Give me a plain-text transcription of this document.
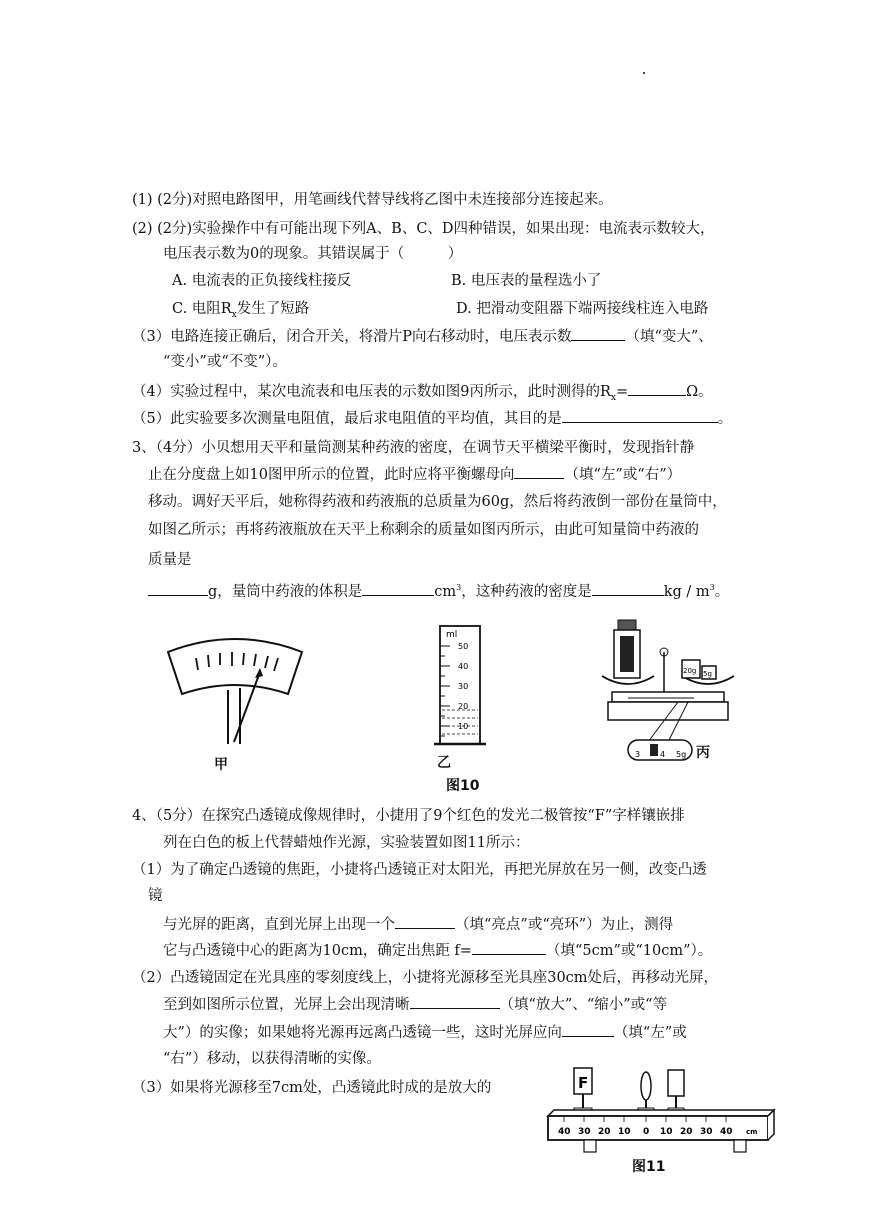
(1) (2分)对照电路图甲，用笔画线代替导线将乙图中未连接部分连接起来。
(2) (2分)实验操作中有可能出现下列A、B、C、D四种错误，如果出现：电流表示数较大，
电压表示数为0的现象。其错误属于（　　　）
A. 电流表的正负接线柱接反	B. 电压表的量程选小了
C. 电阻$R_x$发生了短路	D. 把滑动变阻器下端两接线柱连入电路
（3）电路连接正确后，闭合开关，将滑片P向右移动时，电压表示数	（填“变大”、
“变小”或“不变”）。
（4）实验过程中，某次电流表和电压表的示数如图9丙所示，此时测得的$R_x=$	Ω。
（5）此实验要多次测量电阻值，最后求电阻值的平均值，其目的是	。
3、（4分）小贝想用天平和量筒测某种药液的密度，在调节天平横梁平衡时，发现指针静
止在分度盘上如10图甲所示的位置，此时应将平衡螺母向	（填“左”或“右”）
移动。调好天平后，她称得药液和药液瓶的总质量为60g，然后将药液倒一部份在量筒中，
如图乙所示；再将药液瓶放在天平上称剩余的质量如图丙所示，由此可知量筒中药液的
质量是
g，量筒中药液的体积是	$cm^3$，这种药液的密度是	kg / $m^3$。
甲
ml
50
40
30
20
10
乙
20g 5g
3 4 5g 丙
图10
4、（5分）在探究凸透镜成像规律时，小捷用了9个红色的发光二极管按“F”字样镶嵌排
列在白色的板上代替蜡烛作光源，实验装置如图11所示：
（1）为了确定凸透镜的焦距，小捷将凸透镜正对太阳光，再把光屏放在另一侧，改变凸透
镜
与光屏的距离，直到光屏上出现一个	（填“亮点”或“亮环”）为止，测得
它与凸透镜中心的距离为10cm，确定出焦距 f=	（填“5cm”或“10cm”）。
（2）凸透镜固定在光具座的零刻度线上，小捷将光源移至光具座30cm处后，再移动光屏，
至到如图所示位置，光屏上会出现清晰	（填“放大”、“缩小”或“等
大”）的实像；如果她将光源再远离凸透镜一些，这时光屏应向	（填“左”或
“右”）移动，以获得清晰的实像。
（3）如果将光源移至7cm处，凸透镜此时成的是放大的	F
40 30 20 10 0 10 20 30 40 cm
图11
